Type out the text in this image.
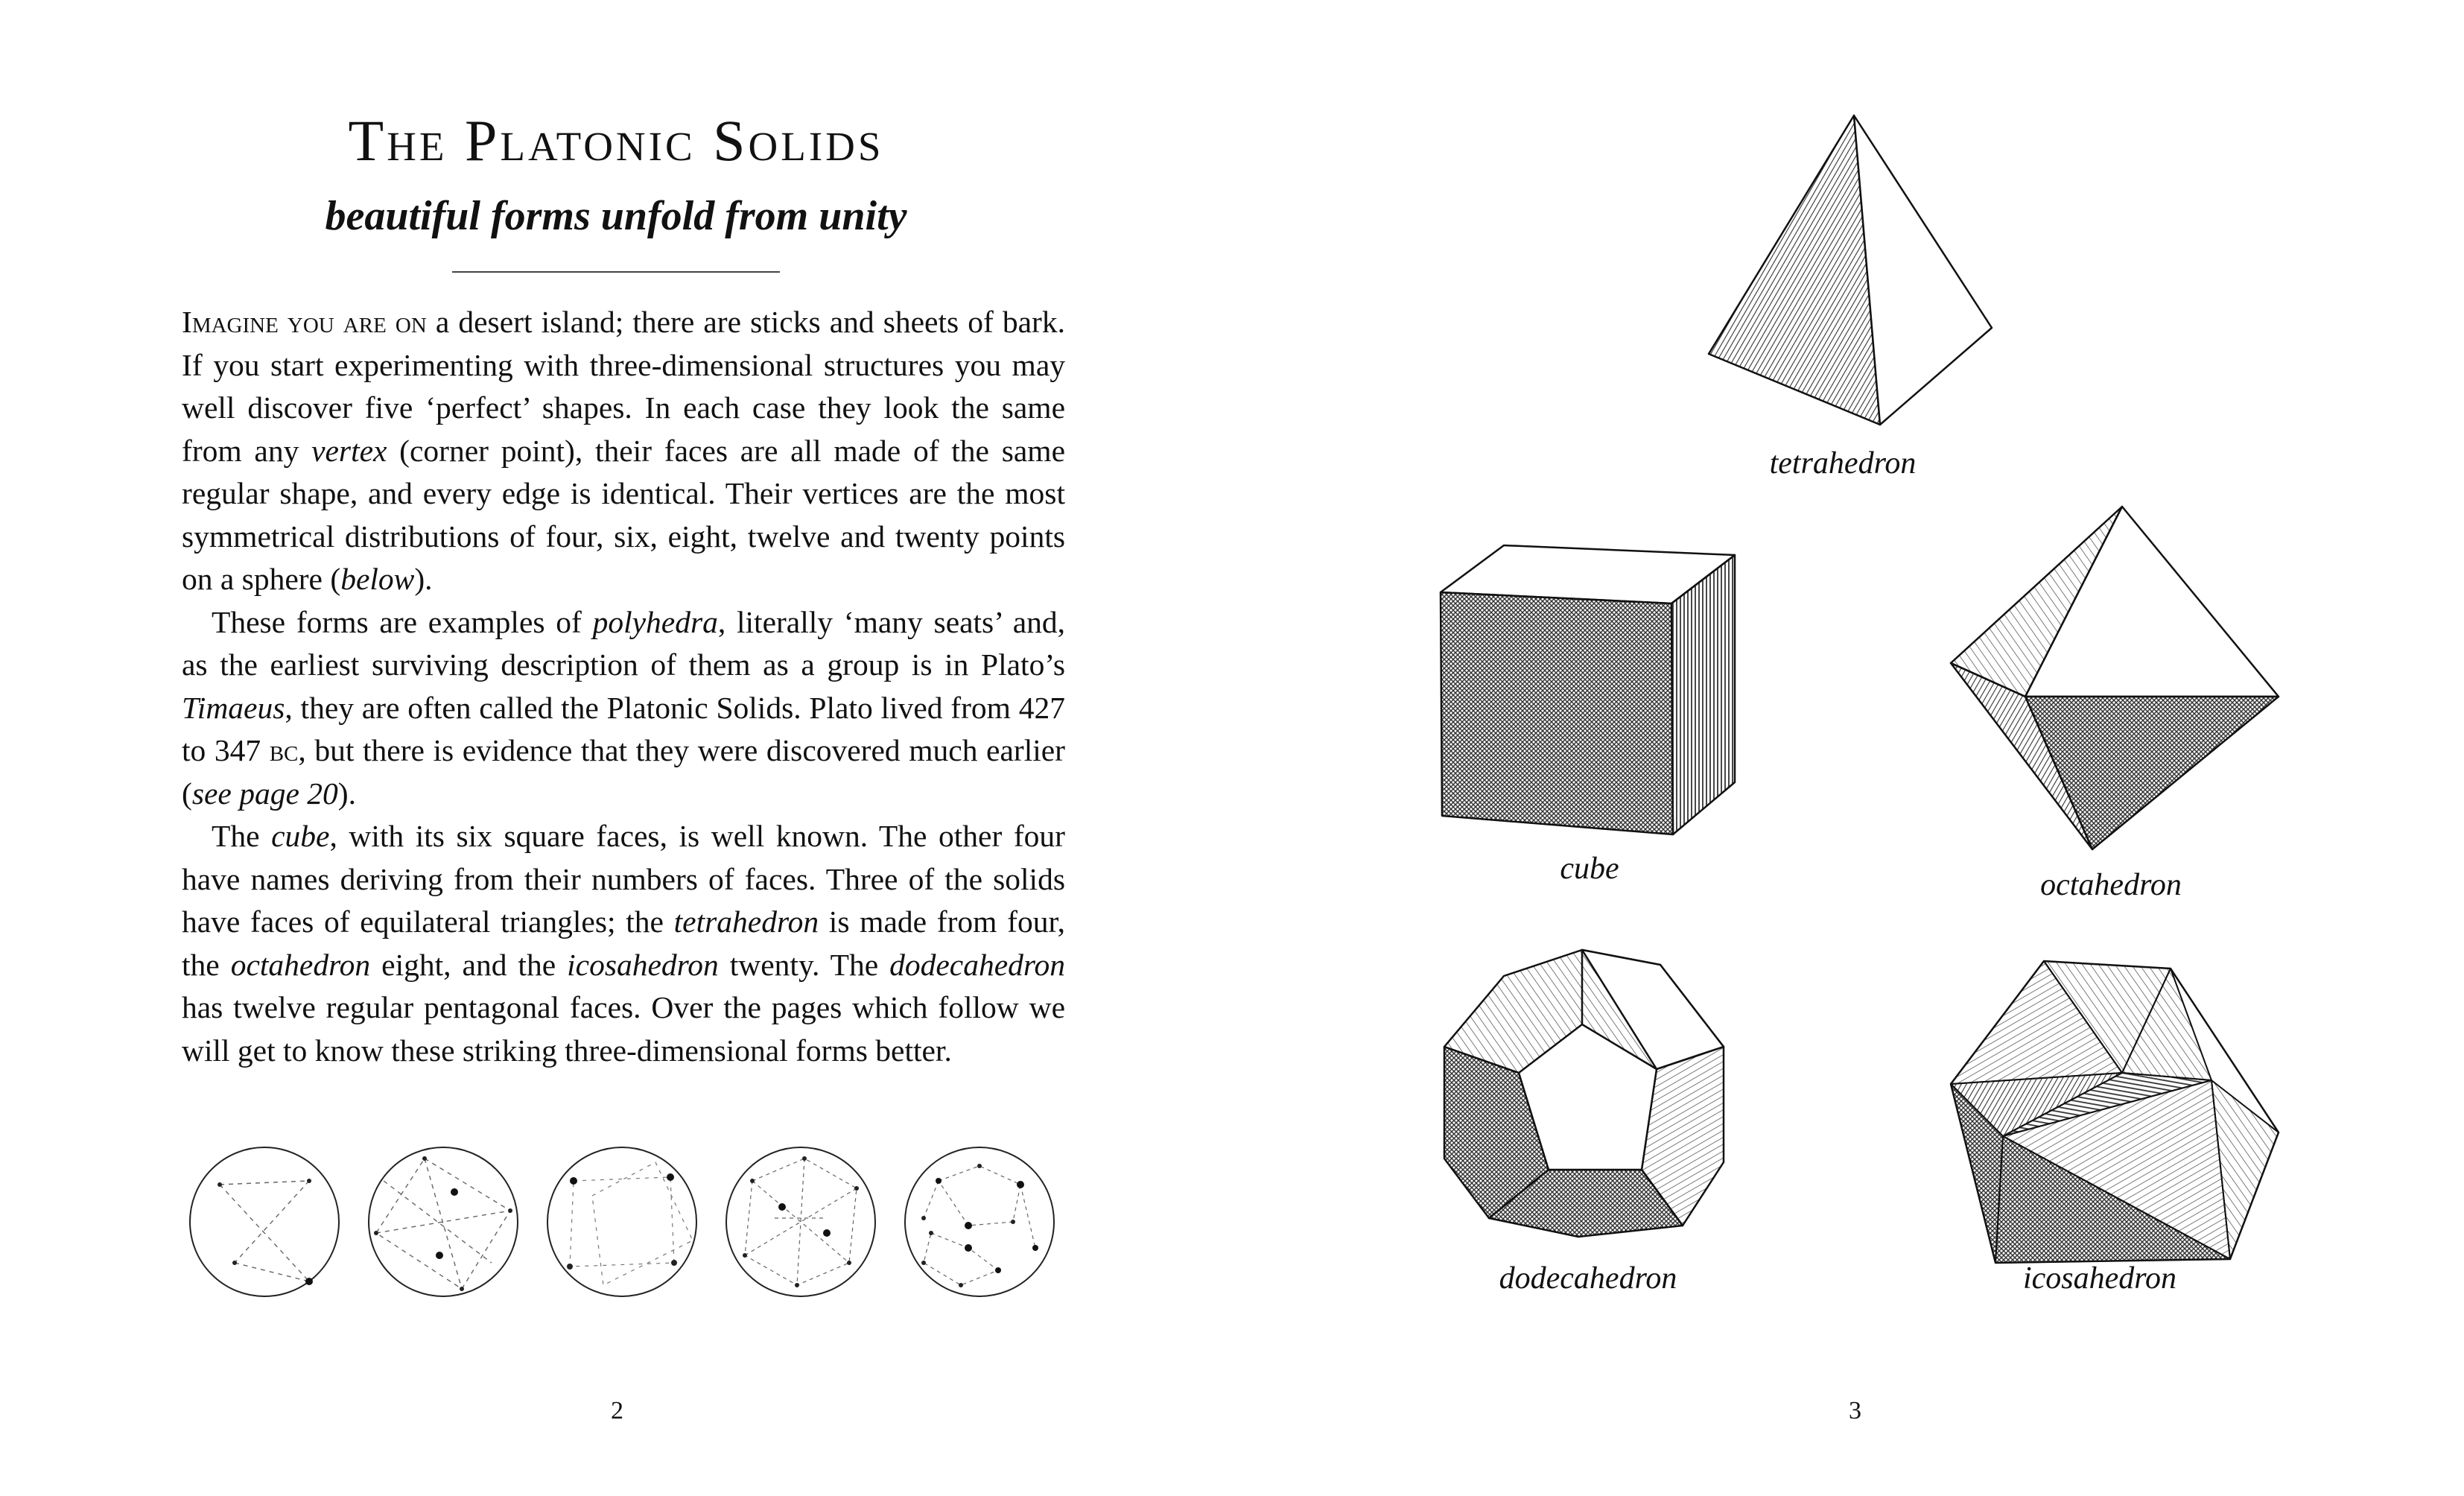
The Platonic Solids
beautiful forms unfold from unity

Imagine you are on a desert island; there are sticks and sheets of bark. If you start experimenting with three-dimensional structures you may well discover five ‘perfect’ shapes. In each case they look the same from any vertex (corner point), their faces are all made of the same regular shape, and every edge is identical. Their vertices are the most symmetrical distributions of four, six, eight, twelve and twenty points on a sphere (below).

These forms are examples of polyhedra, literally ‘many seats’ and, as the earliest surviving description of them as a group is in Plato’s Timaeus, they are often called the Platonic Solids. Plato lived from 427 to 347 bc, but there is evidence that they were discovered much earlier (see page 20).

The cube, with its six square faces, is well known. The other four have names deriving from their numbers of faces. Three of the solids have faces of equilateral triangles; the tetrahedron is made from four, the octahedron eight, and the icosahedron twenty. The dodecahedron has twelve regular pentagonal faces. Over the pages which follow we will get to know these striking three-dimensional forms better.

2
tetrahedron
cube	octahedron
dodecahedron	icosahedron
3
